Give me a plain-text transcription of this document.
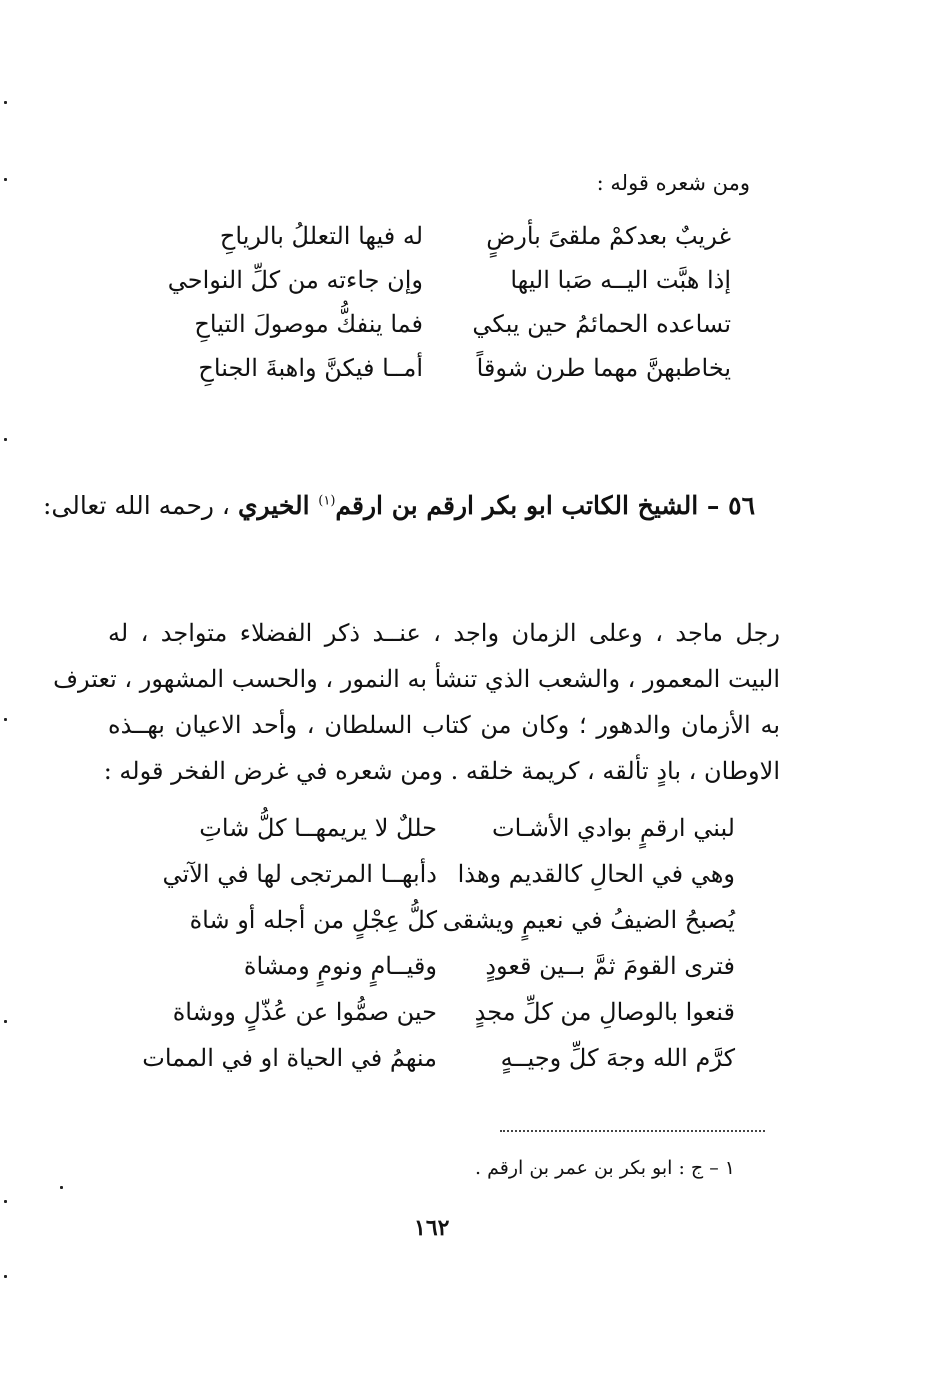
ومن شعره قوله :
غريبٌ بعدكمْ ملقىً بأرضٍ
له فيها التعللُ بالرياحِ
إذا هبَّت اليــه صَبا اليها
وإن جاءته من كلِّ النواحي
تساعده الحمائمُ حين يبكي
فما ينفكُّ موصولَ التياحِ
يخاطبهنَّ مهما طرن شوقاً
أمــا فيكنَّ واهبةَ الجناحِ
٥٦ – الشيخ الكاتب ابو بكر ارقم بن ارقم$^{(١)}$ الخيري ، رحمه الله تعالى:
رجل ماجد ، وعلى الزمان واجد ، عنــد ذكر الفضلاء متواجد ، له
البيت المعمور ، والشعب الذي تنشأ به النمور ، والحسب المشهور ، تعترف
به الأزمان والدهور ؛ وكان من كتاب السلطان ، وأحد الاعيان بهــذه
الاوطان ، بادٍ تألقه ، كريمة خلقه . ومن شعره في غرض الفخر قوله :
لبني ارقمٍ بوادي الأشـات
حللٌ لا يريمهــا كلُّ شاتِ
وهي في الحالِ كالقديم وهذا
دأبهــا المرتجى لها في الآتي
يُصبحُ الضيفُ في نعيمٍ ويشقى
كلُّ عِجْلٍ من أجله أو شاة
فترى القومَ ثمَّ بــين قعودٍ
وقيــامٍ ونومٍ ومشاة
قنعوا بالوصالِ من كلِّ مجدٍ
حين صمُّوا عن عُذّلٍ ووشاة
كرَّم الله وجهَ كلِّ وجيــهٍ
منهمُ في الحياة او في الممات
١ – ج : ابو بكر بن عمر بن ارقم .
١٦٢
